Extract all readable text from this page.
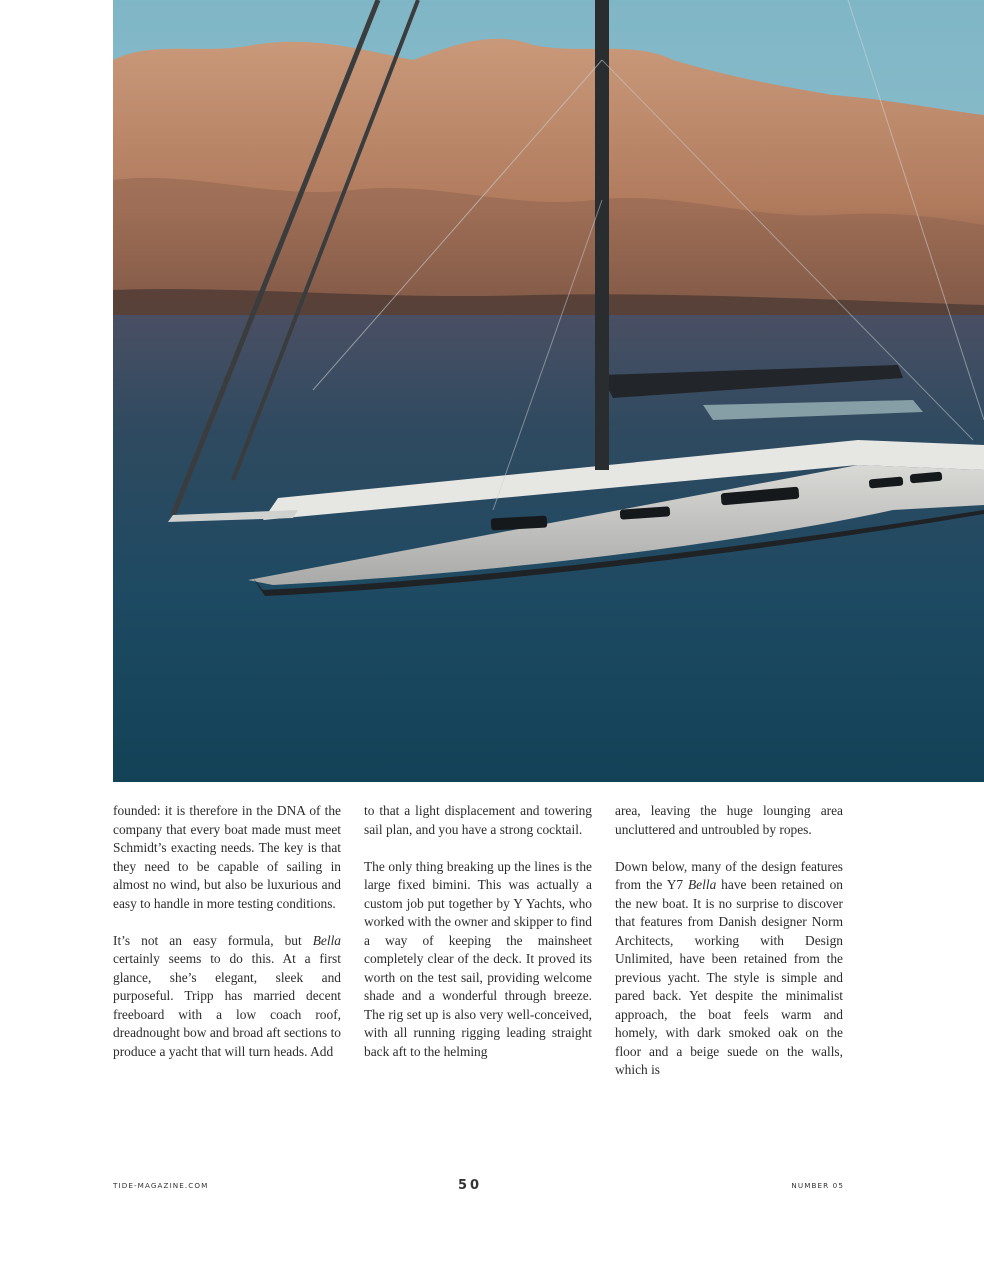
founded: it is therefore in the DNA of the company that every boat made must meet Schmidt’s exacting needs. The key is that they need to be capable of sailing in almost no wind, but also be luxurious and easy to handle in more testing conditions.

It’s not an easy formula, but Bella certainly seems to do this. At a first glance, she’s elegant, sleek and purposeful. Tripp has married decent freeboard with a low coach roof, dreadnought bow and broad aft sections to produce a yacht that will turn heads. Add

to that a light displacement and towering sail plan, and you have a strong cocktail.

The only thing breaking up the lines is the large fixed bimini. This was actually a custom job put together by Y Yachts, who worked with the owner and skipper to find a way of keeping the mainsheet completely clear of the deck. It proved its worth on the test sail, providing welcome shade and a wonderful through breeze. The rig set up is also very well-conceived, with all running rigging leading straight back aft to the helming

area, leaving the huge lounging area uncluttered and untroubled by ropes.

Down below, many of the design features from the Y7 Bella have been retained on the new boat. It is no surprise to discover that features from Danish designer Norm Architects, working with Design Unlimited, have been retained from the previous yacht. The style is simple and pared back. Yet despite the minimalist approach, the boat feels warm and homely, with dark smoked oak on the floor and a beige suede on the walls, which is

TIDE-MAGAZINE.COM	50	NUMBER 05
